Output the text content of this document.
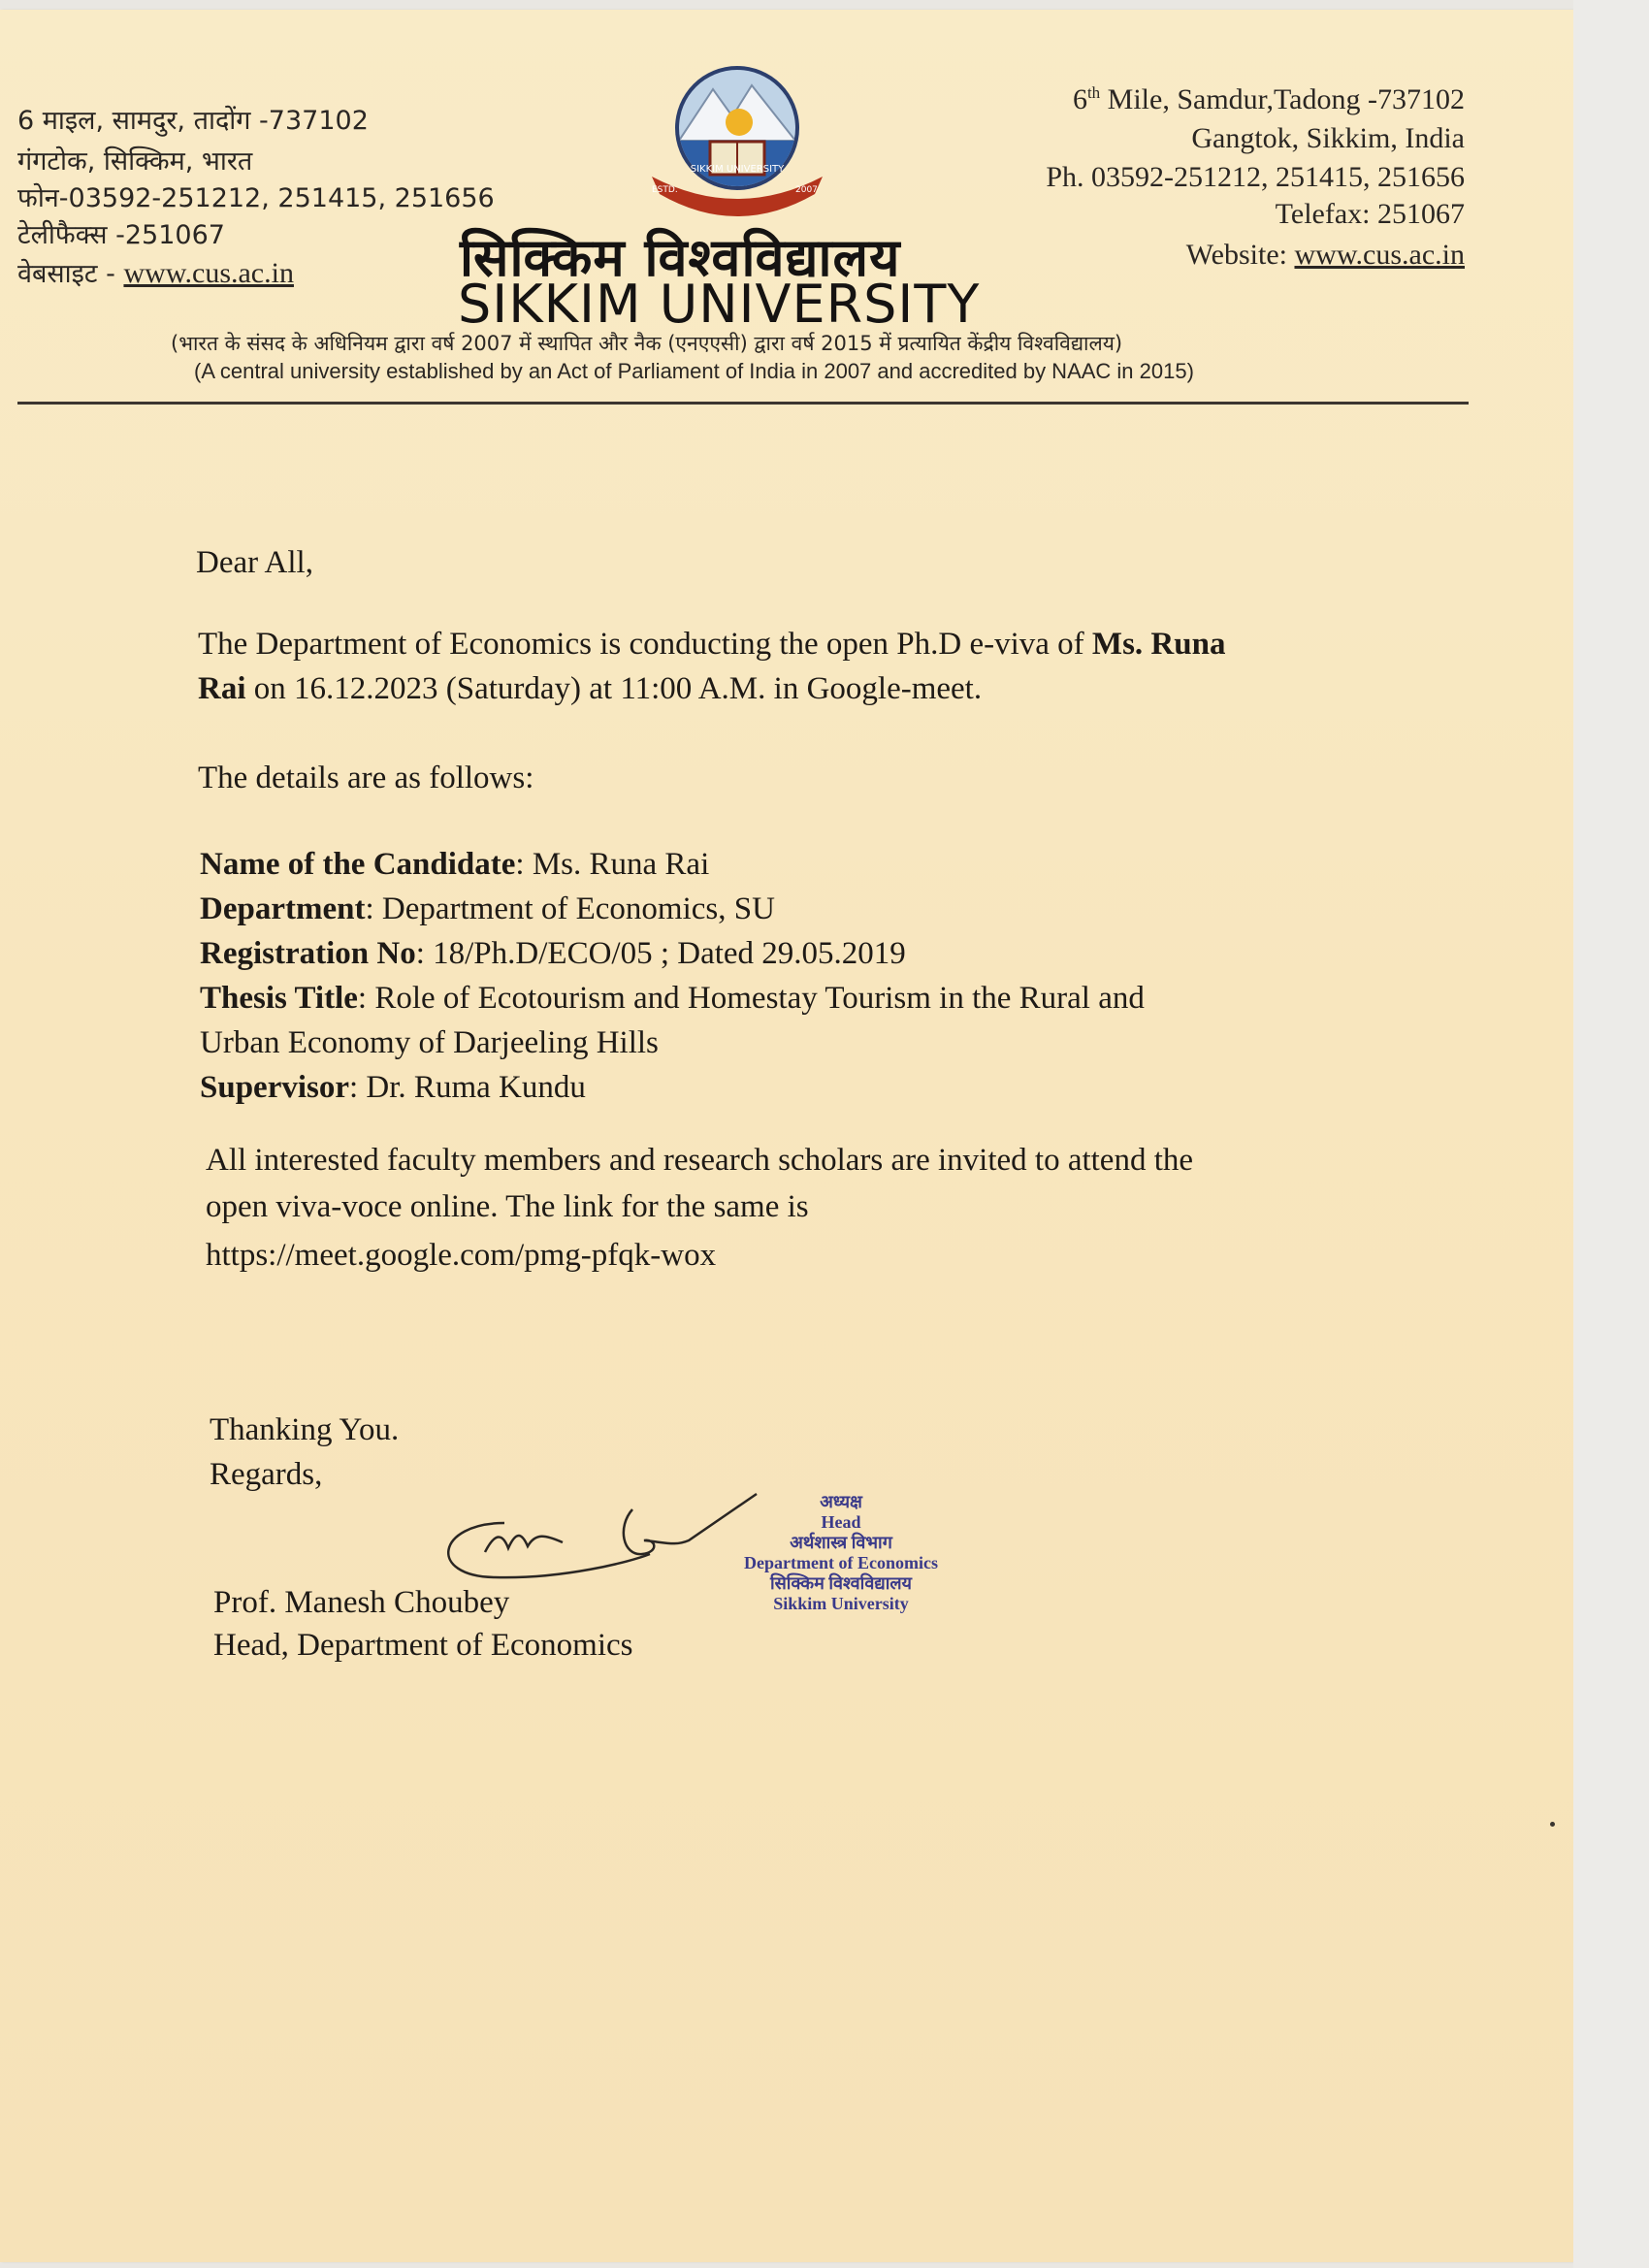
6 माइल, सामदुर, तादोंग -737102
गंगटोक, सिक्किम, भारत
फोन-03592-251212, 251415, 251656
टेलीफैक्स -251067
वेबसाइट - www.cus.ac.in
6th Mile, Samdur,Tadong -737102
Gangtok, Sikkim, India
Ph. 03592-251212, 251415, 251656
Telefax: 251067
Website: www.cus.ac.in
SIKKIM UNIVERSITY
ESTD.	2007
सिक्किम विश्वविद्यालय
SIKKIM UNIVERSITY
(भारत के संसद के अधिनियम द्वारा वर्ष 2007 में स्थापित और नैक (एनएएसी) द्वारा वर्ष 2015 में प्रत्यायित केंद्रीय विश्वविद्यालय)
(A central university established by an Act of Parliament of India in 2007 and accredited by NAAC in 2015)
Dear All,
The Department of Economics is conducting the open Ph.D e-viva of Ms. Runa
Rai on 16.12.2023 (Saturday) at 11:00 A.M. in Google-meet.
The details are as follows:
Name of the Candidate: Ms. Runa Rai
Department: Department of Economics, SU
Registration No: 18/Ph.D/ECO/05 ; Dated 29.05.2019
Thesis Title: Role of Ecotourism and Homestay Tourism in the Rural and
Urban Economy of Darjeeling Hills
Supervisor: Dr. Ruma Kundu
All interested faculty members and research scholars are invited to attend the
open viva-voce online. The link for the same is
https://meet.google.com/pmg-pfqk-wox
Thanking You.
Regards,
Prof. Manesh Choubey
Head, Department of Economics
अध्यक्ष
Head
अर्थशास्त्र विभाग
Department of Economics
सिक्किम विश्वविद्यालय
Sikkim University
